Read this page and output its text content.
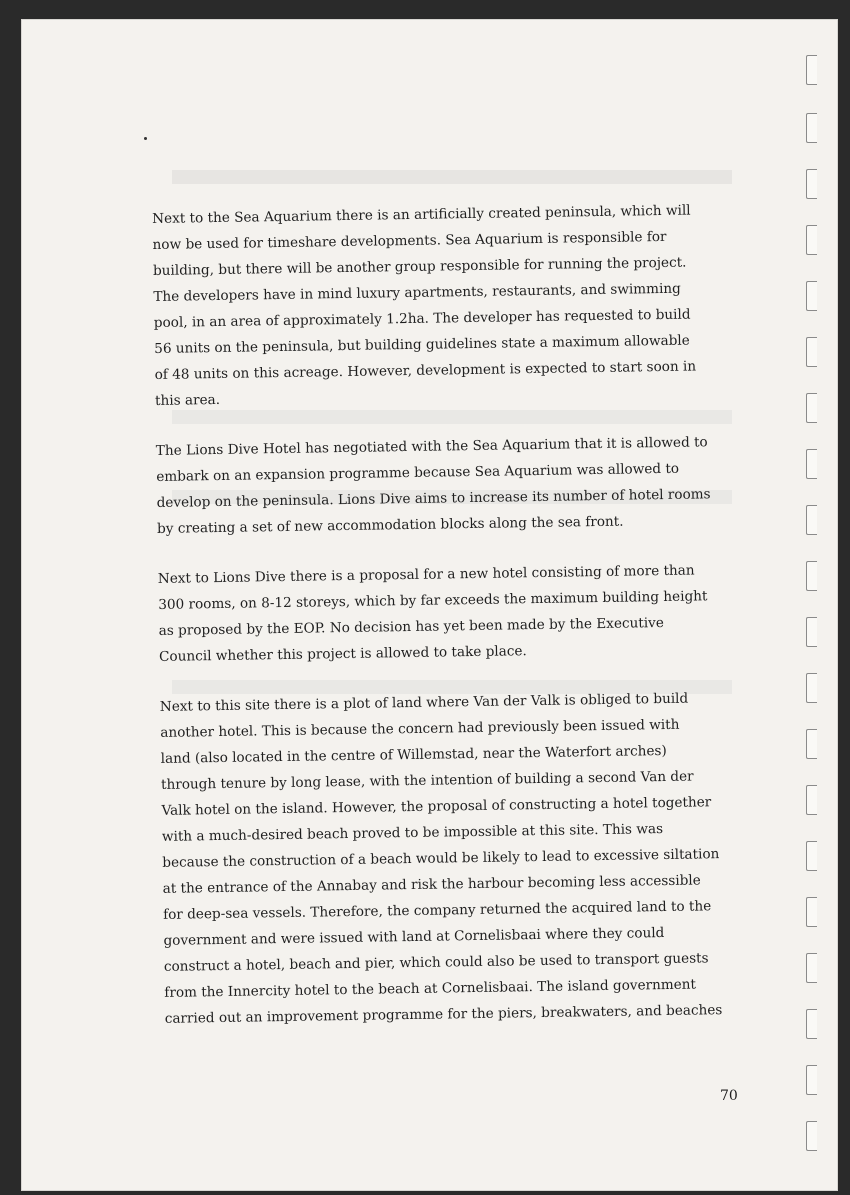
Next to the Sea Aquarium there is an artificially created peninsula, which will
now be used for timeshare developments. Sea Aquarium is responsible for
building, but there will be another group responsible for running the project.
The developers have in mind luxury apartments, restaurants, and swimming
pool, in an area of approximately 1.2ha. The developer has requested to build
56 units on the peninsula, but building guidelines state a maximum allowable
of 48 units on this acreage. However, development is expected to start soon in
this area.

The Lions Dive Hotel has negotiated with the Sea Aquarium that it is allowed to
embark on an expansion programme because Sea Aquarium was allowed to
develop on the peninsula. Lions Dive aims to increase its number of hotel rooms
by creating a set of new accommodation blocks along the sea front.

Next to Lions Dive there is a proposal for a new hotel consisting of more than
300 rooms, on 8-12 storeys, which by far exceeds the maximum building height
as proposed by the EOP. No decision has yet been made by the Executive
Council whether this project is allowed to take place.

Next to this site there is a plot of land where Van der Valk is obliged to build
another hotel. This is because the concern had previously been issued with
land (also located in the centre of Willemstad, near the Waterfort arches)
through tenure by long lease, with the intention of building a second Van der
Valk hotel on the island. However, the proposal of constructing a hotel together
with a much-desired beach proved to be impossible at this site. This was
because the construction of a beach would be likely to lead to excessive siltation
at the entrance of the Annabay and risk the harbour becoming less accessible
for deep-sea vessels. Therefore, the company returned the acquired land to the
government and were issued with land at Cornelisbaai where they could
construct a hotel, beach and pier, which could also be used to transport guests
from the Innercity hotel to the beach at Cornelisbaai. The island government
carried out an improvement programme for the piers, breakwaters, and beaches

70
